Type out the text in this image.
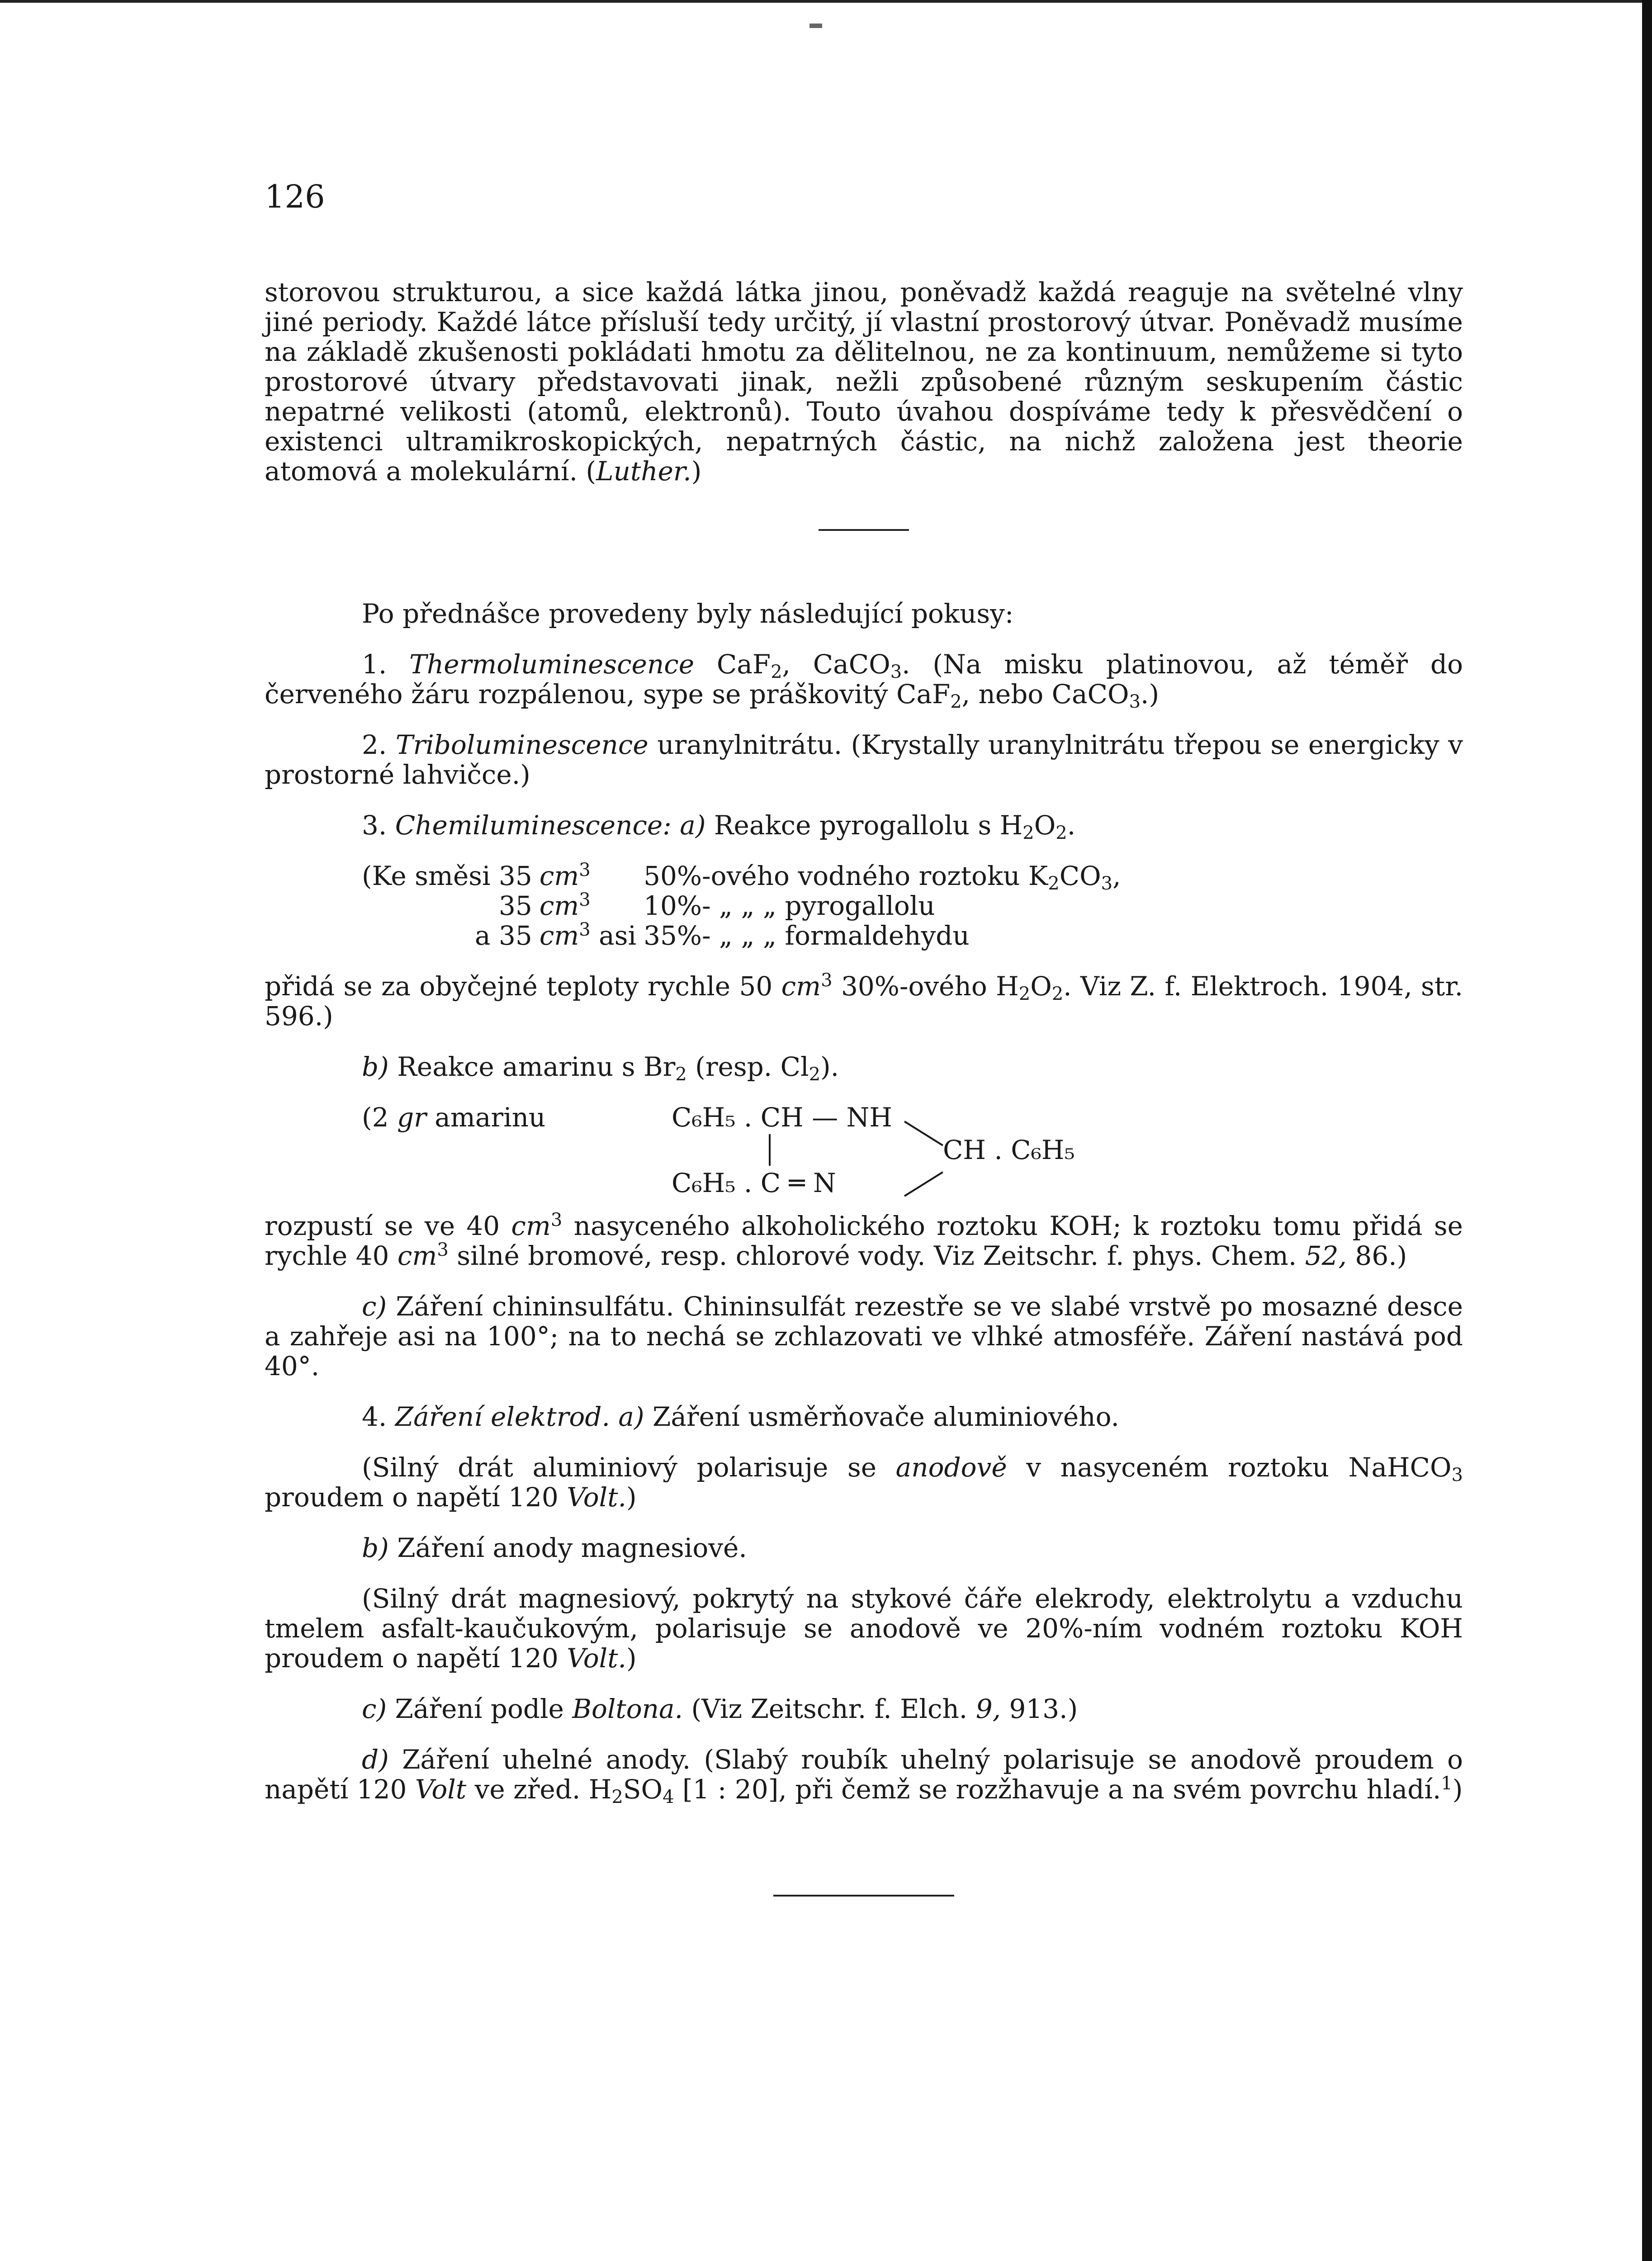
126

storovou strukturou, a sice každá látka jinou, poněvadž každá reaguje na světelné vlny jiné periody. Každé látce přísluší tedy určitý, jí vlastní prostorový útvar. Poněvadž musíme na základě zkušenosti pokládati hmotu za dělitelnou, ne za kontinuum, nemůžeme si tyto prostorové útvary představovati jinak, nežli způsobené různým seskupením částic nepatrné velikosti (atomů, elektronů). Touto úvahou dospíváme tedy k přesvědčení o existenci ultramikroskopických, nepatrných částic, na nichž založena jest theorie atomová a molekulární. (Luther.)

Po přednášce provedeny byly následující pokusy:

1. Thermoluminescence CaF$_2$, CaCO$_3$. (Na misku platinovou, až téměř do červeného žáru rozpálenou, sype se práškovitý CaF$_2$, nebo CaCO$_3$.)

2. Triboluminescence uranylnitrátu. (Krystally uranylnitrátu třepou se energicky v prostorné lahvičce.)

3. Chemiluminescence: a) Reakce pyrogallolu s $H_2O_2$.

(Ke směsi 35	$cm^3$	50%-ového vodného roztoku $K_2CO_3$,
35	$cm^3$	10%- „ „ „ pyrogallolu
a 35	$cm^3$ asi	35%- „ „ „ formaldehydu

přidá se za obyčejné teploty rychle 50 $cm^3$ 30%-ového $H_2O_2$. Viz Z. f. Elektroch. 1904, str. 596.)

b) Reakce amarinu s $Br_2$ (resp. $Cl_2$).

(2 gr amarinu	C₆H₅ . CH — NH
C₆H₅ . C ═ N
CH . C₆H₅

rozpustí se ve 40 $cm^3$ nasyceného alkoholického roztoku KOH; k roztoku tomu přidá se rychle 40 $cm^3$ silné bromové, resp. chlorové vody. Viz Zeitschr. f. phys. Chem. 52, 86.)

c) Záření chininsulfátu. Chininsulfát rezestře se ve slabé vrstvě po mosazné desce a zahřeje asi na 100°; na to nechá se zchlazovati ve vlhké atmosféře. Záření nastává pod 40°.

4. Záření elektrod. a) Záření usměrňovače aluminiového.

(Silný drát aluminiový polarisuje se anodově v nasyceném roztoku NaHCO$_3$ proudem o napětí 120 Volt.)

b) Záření anody magnesiové.

(Silný drát magnesiový, pokrytý na stykové čáře elekrody, elektrolytu a vzduchu tmelem asfalt-kaučukovým, polarisuje se anodově ve 20%-ním vodném roztoku KOH proudem o napětí 120 Volt.)

c) Záření podle Boltona. (Viz Zeitschr. f. Elch. 9, 913.)

d) Záření uhelné anody. (Slabý roubík uhelný polarisuje se anodově proudem o napětí 120 Volt ve zřed. $H_2SO_4$ [1 : 20], při čemž se rozžhavuje a na svém povrchu hladí.$^1$)
